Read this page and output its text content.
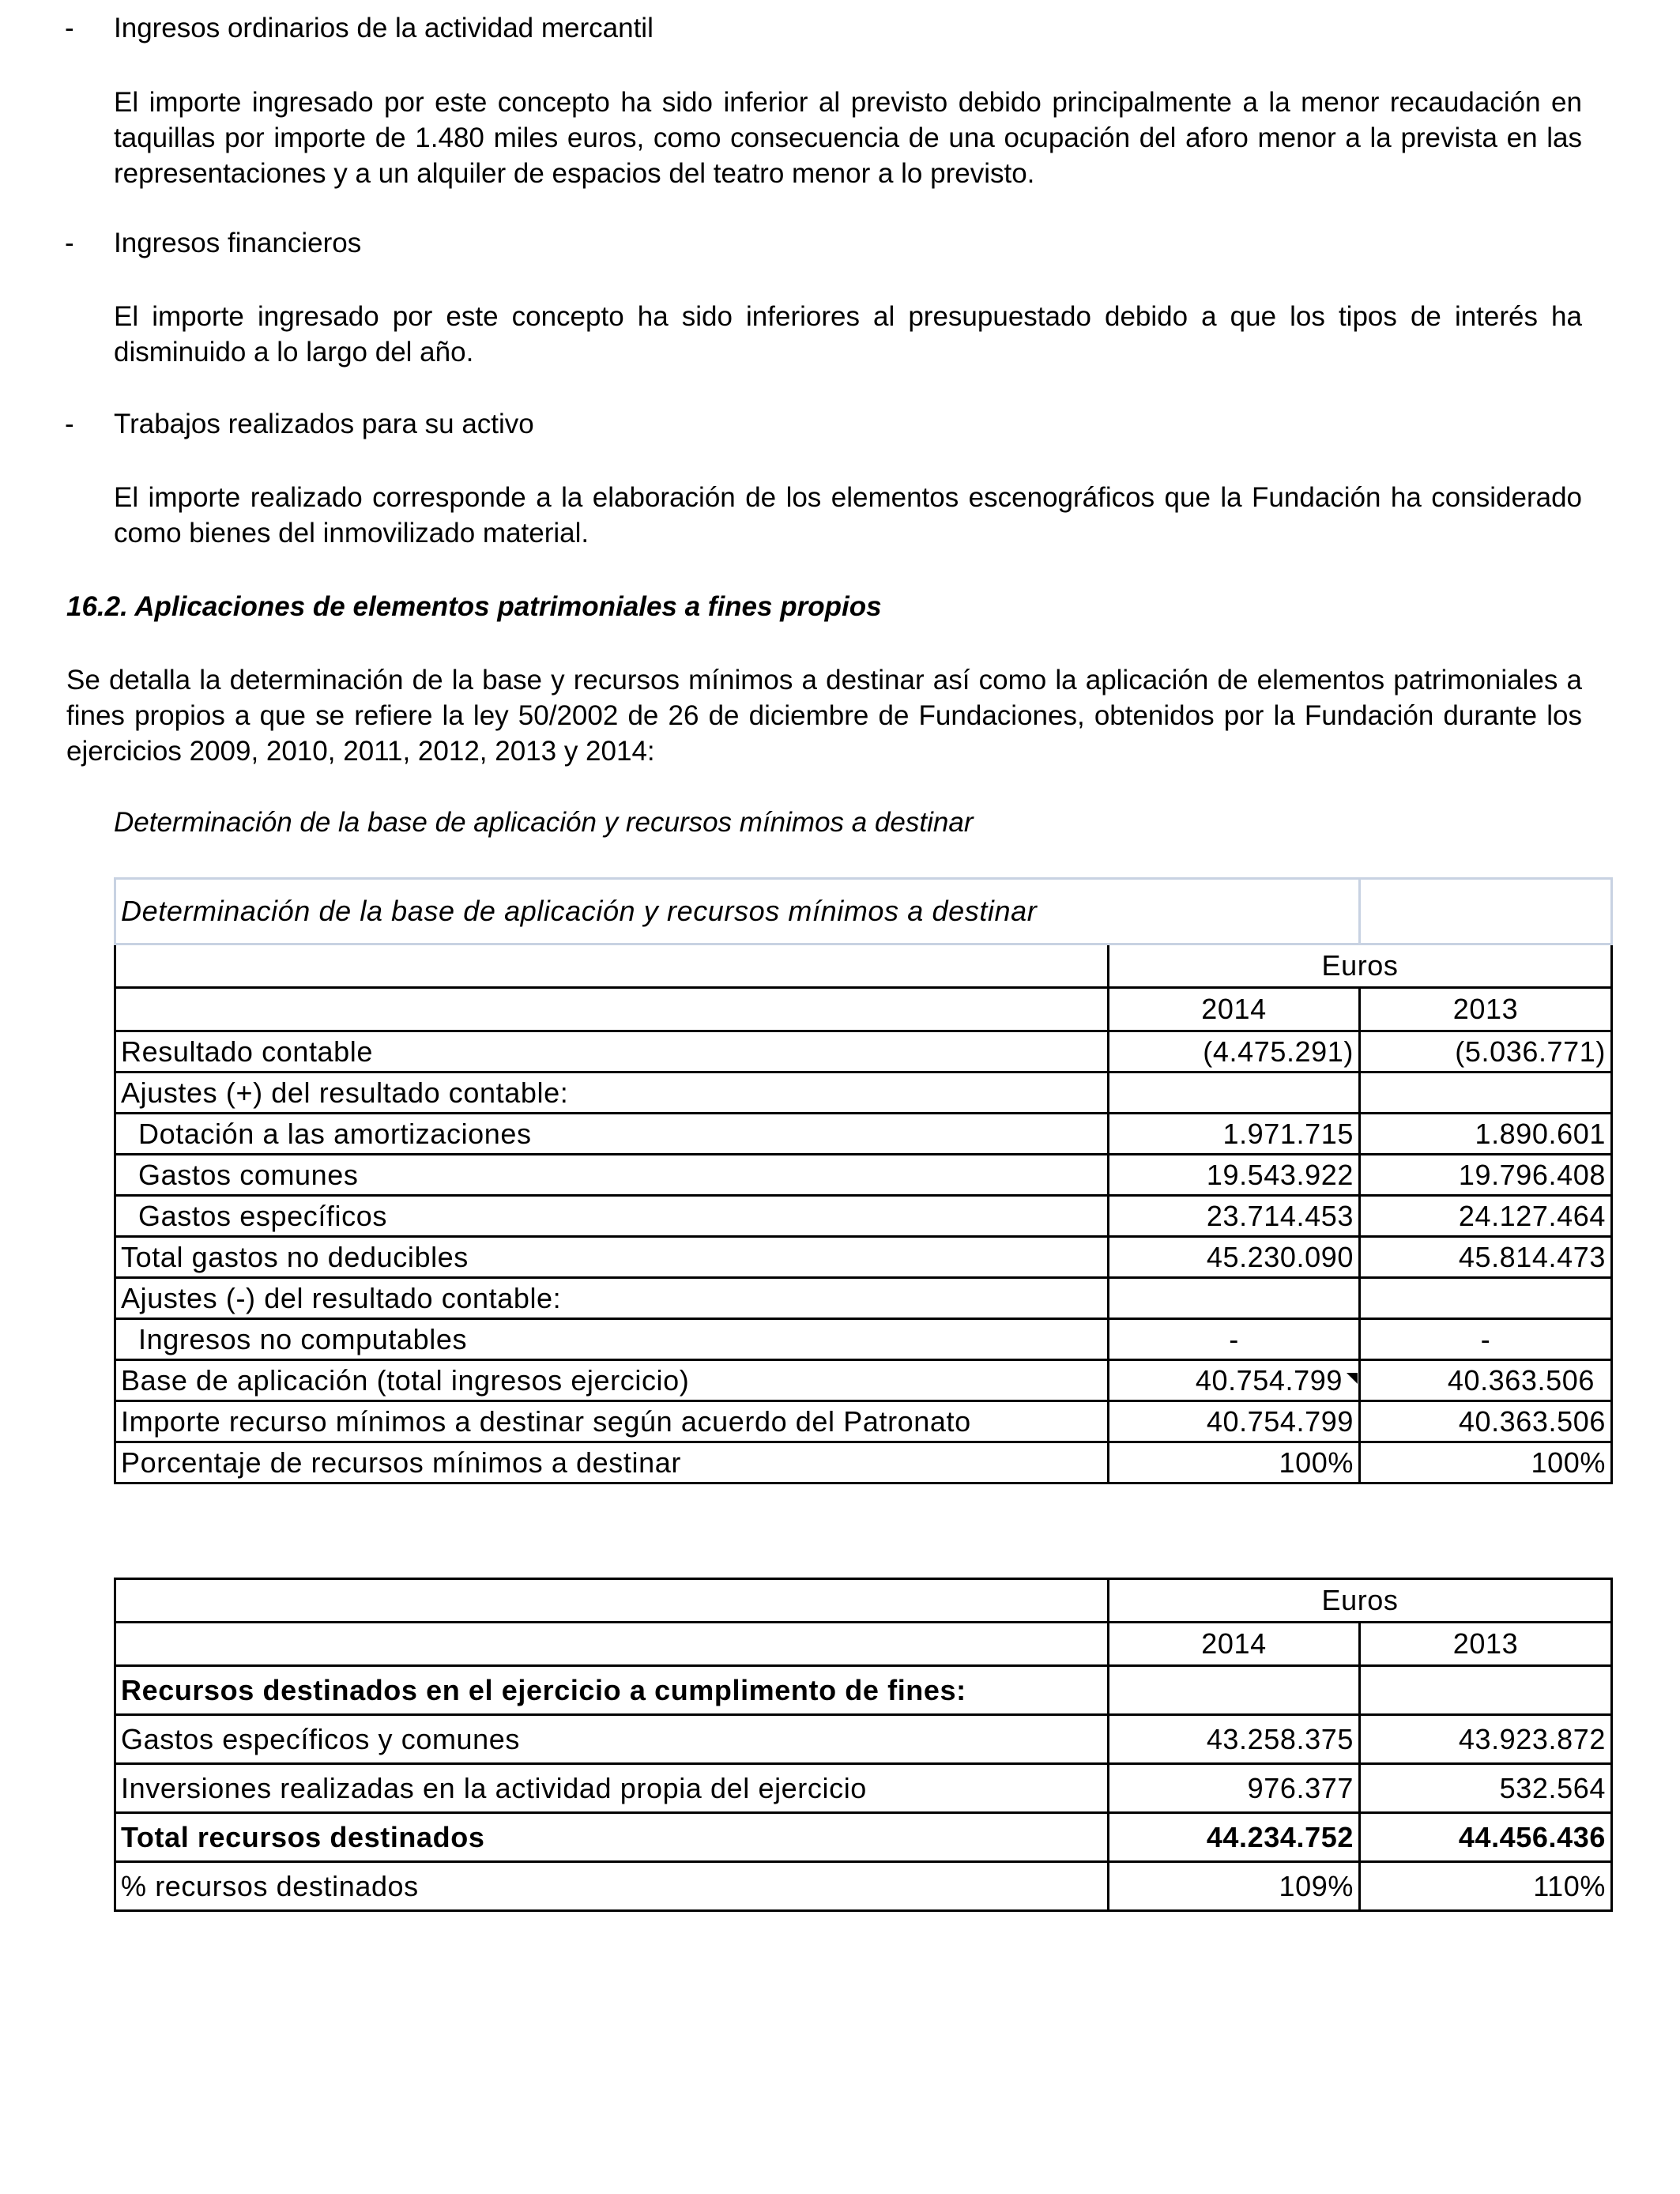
- Ingresos ordinarios de la actividad mercantil
El importe ingresado por este concepto ha sido inferior al previsto debido principalmente a la menor recaudación en taquillas por importe de 1.480 miles euros, como consecuencia de una ocupación del aforo menor a la prevista en las representaciones y a un alquiler de espacios del teatro menor a lo previsto.
- Ingresos financieros
El importe ingresado por este concepto ha sido inferiores al presupuestado debido a que los tipos de interés ha disminuido a lo largo del año.
- Trabajos realizados para su activo
El importe realizado corresponde a la elaboración de los elementos escenográficos que la Fundación ha considerado como bienes del inmovilizado material.
16.2. Aplicaciones de elementos patrimoniales a fines propios
Se detalla la determinación de la base y recursos mínimos a destinar así como la aplicación de elementos patrimoniales a fines propios a que se refiere la ley 50/2002 de 26 de diciembre de Fundaciones, obtenidos por la Fundación durante los ejercicios 2009, 2010, 2011, 2012, 2013 y 2014:
Determinación de la base de aplicación y recursos mínimos a destinar
Determinación de la base de aplicación y recursos mínimos a destinar		
	Euros	
	2014	2013
Resultado contable	(4.475.291)	(5.036.771)
Ajustes (+) del resultado contable:		
Dotación a las amortizaciones	1.971.715	1.890.601
Gastos comunes	19.543.922	19.796.408
Gastos específicos	23.714.453	24.127.464
Total gastos no deducibles	45.230.090	45.814.473
Ajustes (-) del resultado contable:		
Ingresos no computables	-	-
Base de aplicación (total ingresos ejercicio)	40.754.799	40.363.506
Importe recurso mínimos a destinar según acuerdo del Patronato	40.754.799	40.363.506
Porcentaje de recursos mínimos a destinar	100%	100%
	Euros	
	2014	2013
Recursos destinados en el ejercicio a cumplimento de fines:		
Gastos específicos y comunes	43.258.375	43.923.872
Inversiones realizadas en la actividad propia del ejercicio	976.377	532.564
Total recursos destinados	44.234.752	44.456.436
% recursos destinados	109%	110%
